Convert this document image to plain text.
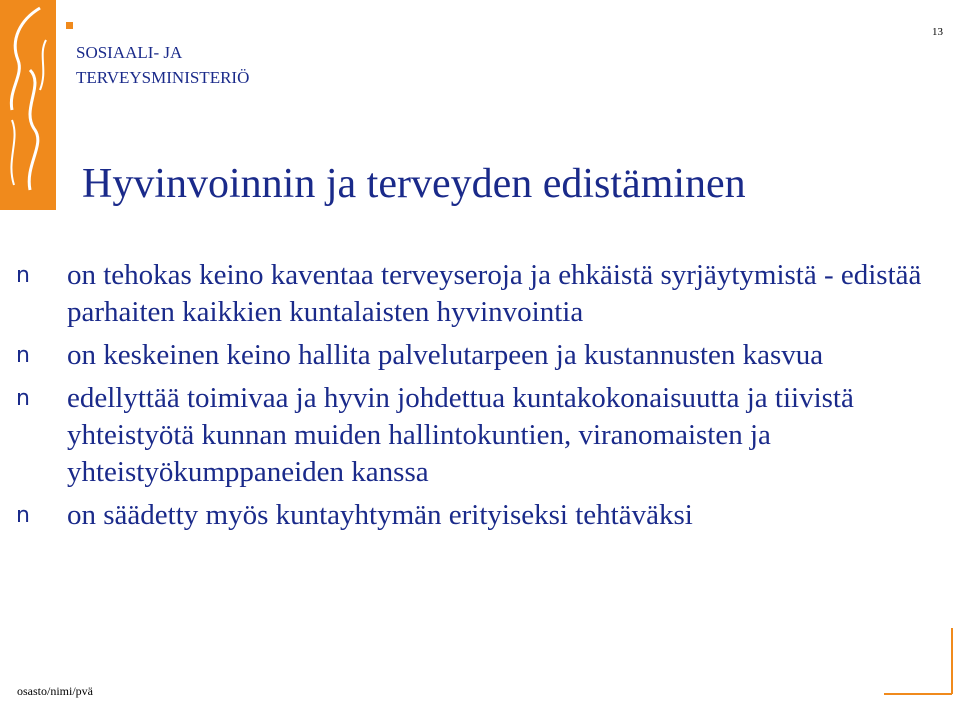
SOSIAALI- JA
TERVEYSMINISTERIÖ
13
Hyvinvoinnin ja terveyden edistäminen
n on tehokas keino kaventaa terveyseroja ja ehkäistä syrjäytymistä - edistää parhaiten kaikkien kuntalaisten hyvinvointia
n on keskeinen keino hallita palvelutarpeen ja kustannusten kasvua
n edellyttää toimivaa ja hyvin johdettua kuntakokonaisuutta ja tiivistä yhteistyötä kunnan muiden hallintokuntien, viranomaisten ja yhteistyökumppaneiden kanssa
n on säädetty myös kuntayhtymän erityiseksi tehtäväksi
osasto/nimi/pvä
